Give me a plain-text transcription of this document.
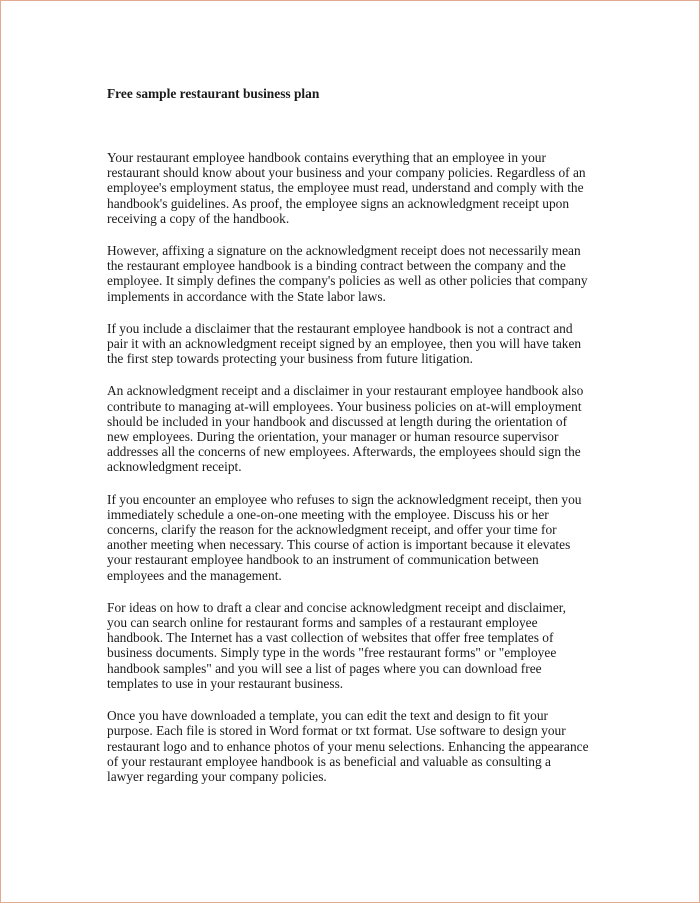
Free sample restaurant business plan
Your restaurant employee handbook contains everything that an employee in your
restaurant should know about your business and your company policies. Regardless of an
employee's employment status, the employee must read, understand and comply with the
handbook's guidelines. As proof, the employee signs an acknowledgment receipt upon
receiving a copy of the handbook.
However, affixing a signature on the acknowledgment receipt does not necessarily mean
the restaurant employee handbook is a binding contract between the company and the
employee. It simply defines the company's policies as well as other policies that company
implements in accordance with the State labor laws.
If you include a disclaimer that the restaurant employee handbook is not a contract and
pair it with an acknowledgment receipt signed by an employee, then you will have taken
the first step towards protecting your business from future litigation.
An acknowledgment receipt and a disclaimer in your restaurant employee handbook also
contribute to managing at-will employees. Your business policies on at-will employment
should be included in your handbook and discussed at length during the orientation of
new employees. During the orientation, your manager or human resource supervisor
addresses all the concerns of new employees. Afterwards, the employees should sign the
acknowledgment receipt.
If you encounter an employee who refuses to sign the acknowledgment receipt, then you
immediately schedule a one-on-one meeting with the employee. Discuss his or her
concerns, clarify the reason for the acknowledgment receipt, and offer your time for
another meeting when necessary. This course of action is important because it elevates
your restaurant employee handbook to an instrument of communication between
employees and the management.
For ideas on how to draft a clear and concise acknowledgment receipt and disclaimer,
you can search online for restaurant forms and samples of a restaurant employee
handbook. The Internet has a vast collection of websites that offer free templates of
business documents. Simply type in the words "free restaurant forms" or "employee
handbook samples" and you will see a list of pages where you can download free
templates to use in your restaurant business.
Once you have downloaded a template, you can edit the text and design to fit your
purpose. Each file is stored in Word format or txt format. Use software to design your
restaurant logo and to enhance photos of your menu selections. Enhancing the appearance
of your restaurant employee handbook is as beneficial and valuable as consulting a
lawyer regarding your company policies.
